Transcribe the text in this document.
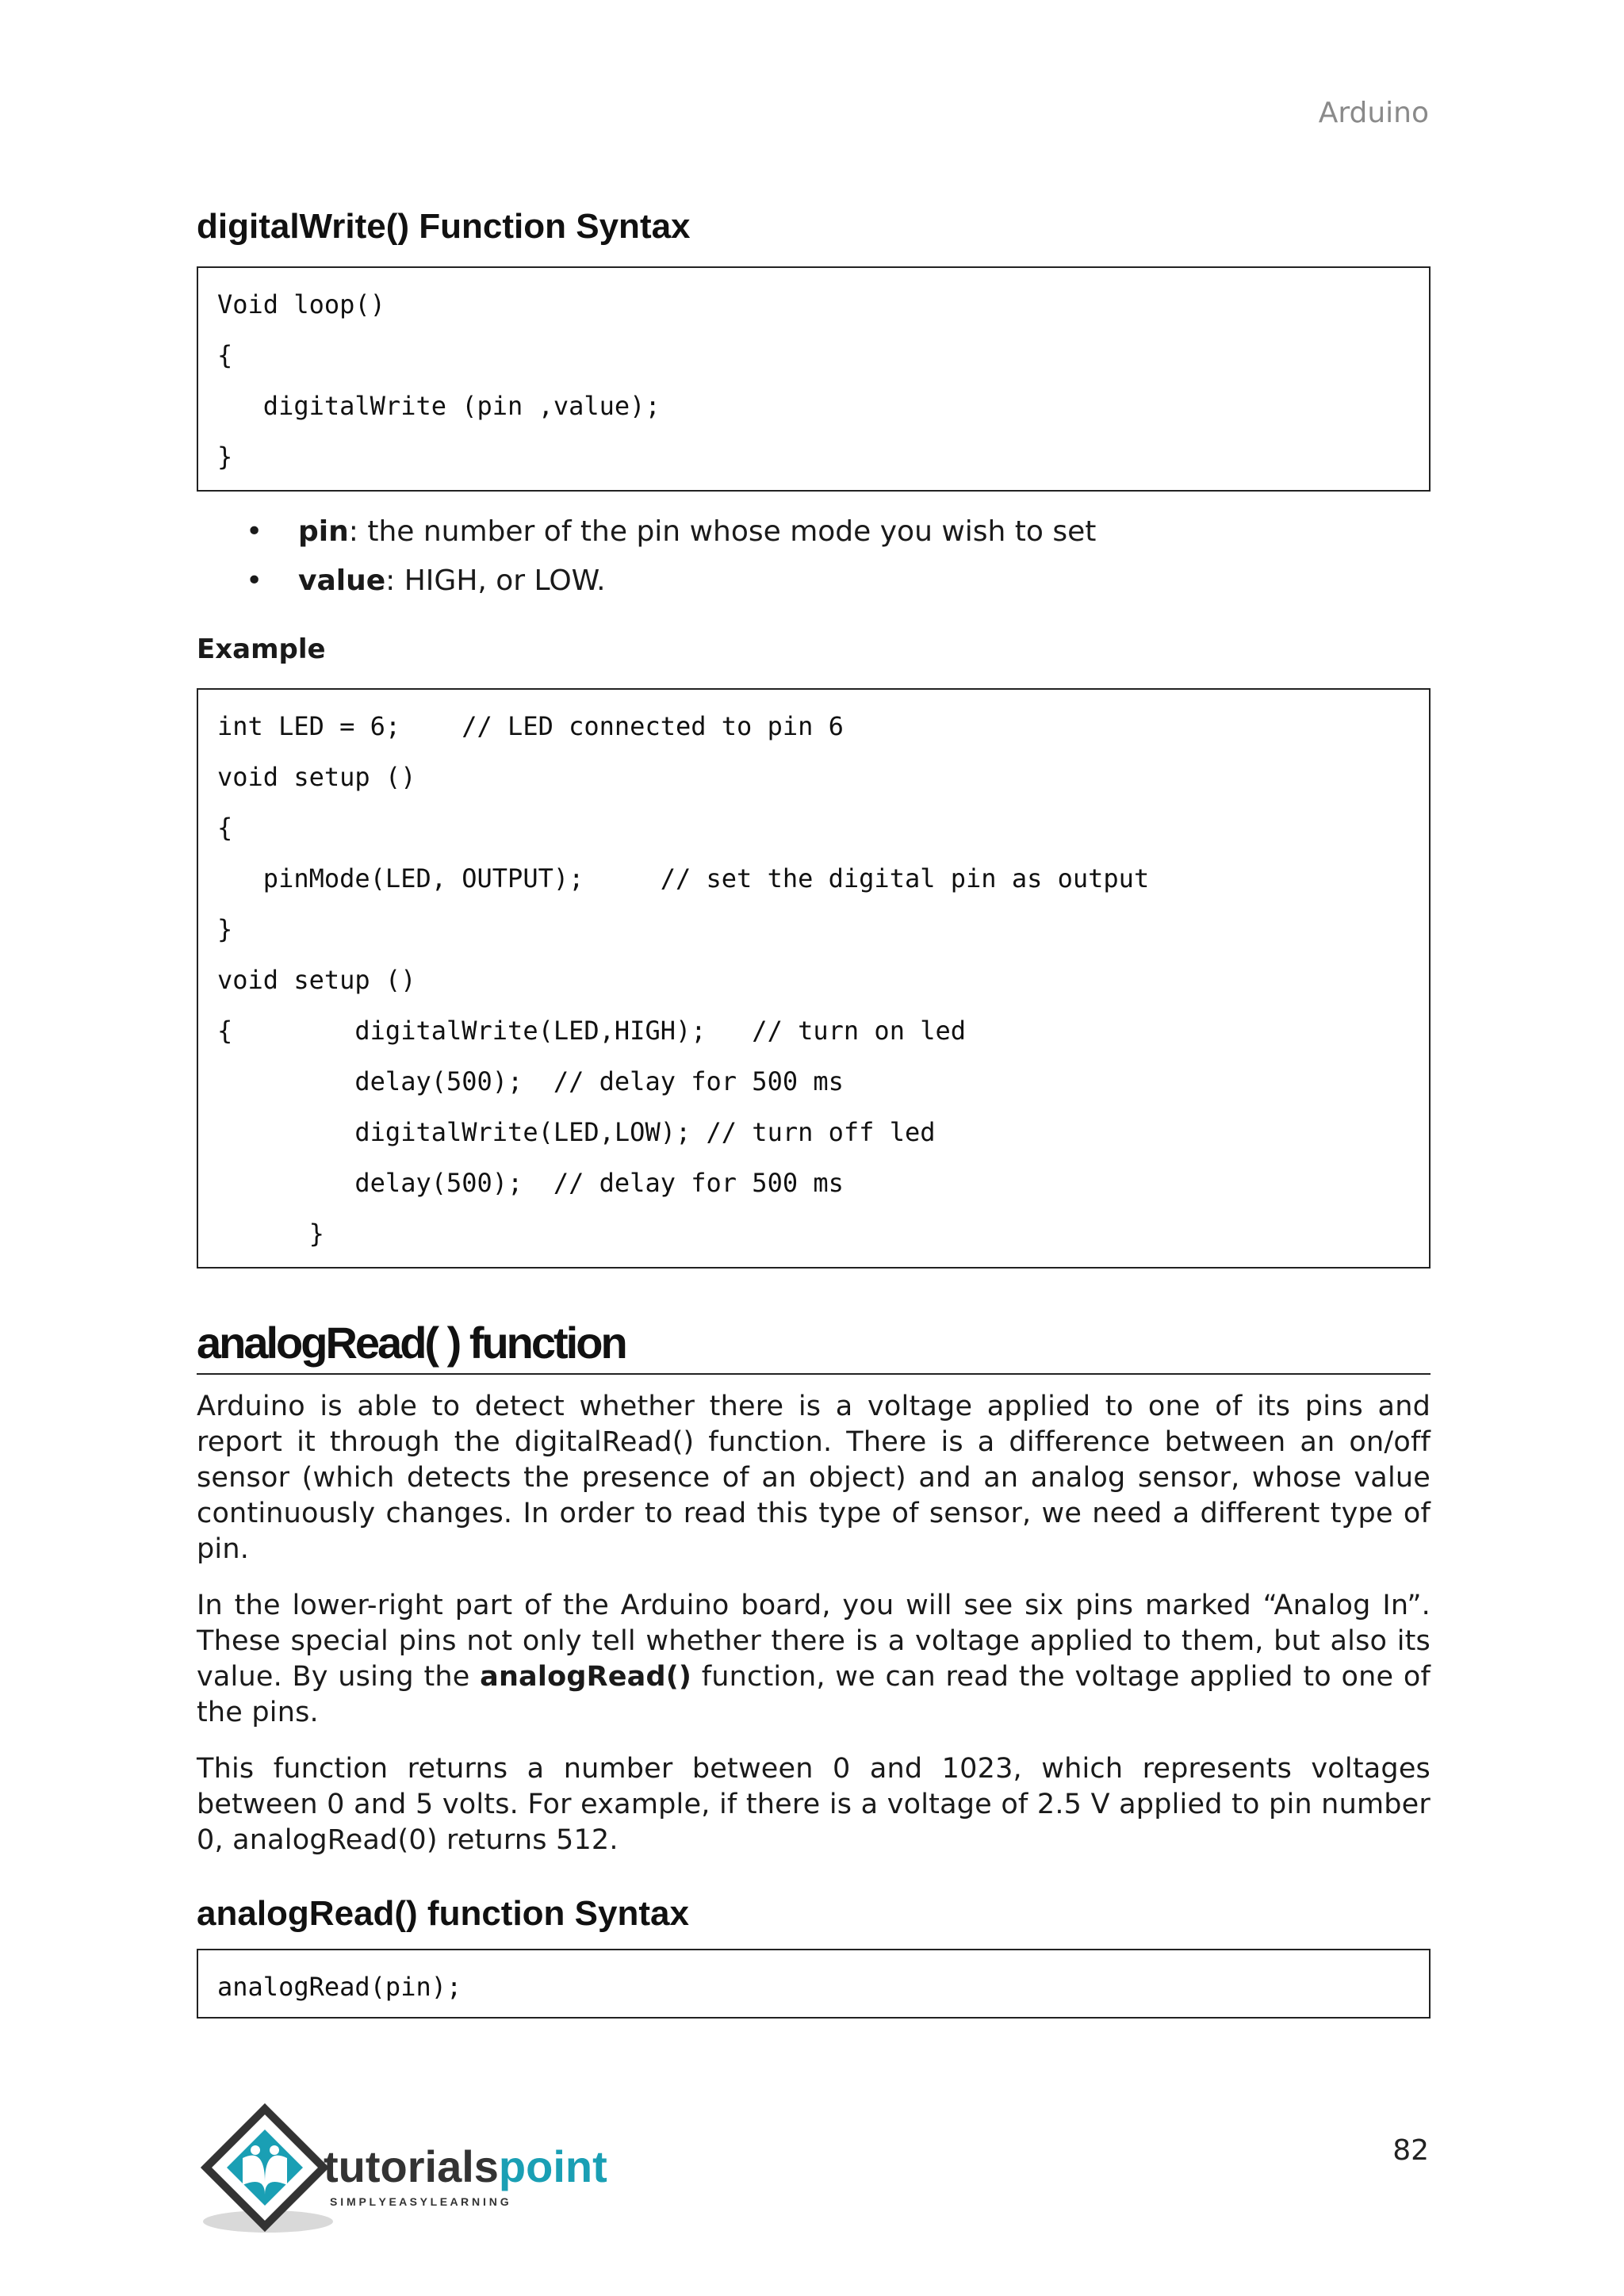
Arduino
digitalWrite() Function Syntax
Void loop()
{
digitalWrite (pin ,value);
}
• pin: the number of the pin whose mode you wish to set
• value: HIGH, or LOW.
Example
int LED = 6;    // LED connected to pin 6
void setup ()
{
pinMode(LED, OUTPUT);     // set the digital pin as output
}
void setup ()
{        digitalWrite(LED,HIGH);   // turn on led
delay(500);  // delay for 500 ms
digitalWrite(LED,LOW); // turn off led
delay(500);  // delay for 500 ms
}
analogRead( ) function

Arduino is able to detect whether there is a voltage applied to one of its pins and report it through the digitalRead() function. There is a difference between an on/off sensor (which detects the presence of an object) and an analog sensor, whose value continuously changes. In order to read this type of sensor, we need a different type of pin.

In the lower-right part of the Arduino board, you will see six pins marked “Analog In”. These special pins not only tell whether there is a voltage applied to them, but also its value. By using the analogRead() function, we can read the voltage applied to one of the pins.

This function returns a number between 0 and 1023, which represents voltages between 0 and 5 volts. For example, if there is a voltage of 2.5 V applied to pin number 0, analogRead(0) returns 512.

analogRead() function Syntax
analogRead(pin);
tutorialspoint
S I M P L Y E A S Y L E A R N I N G
82
